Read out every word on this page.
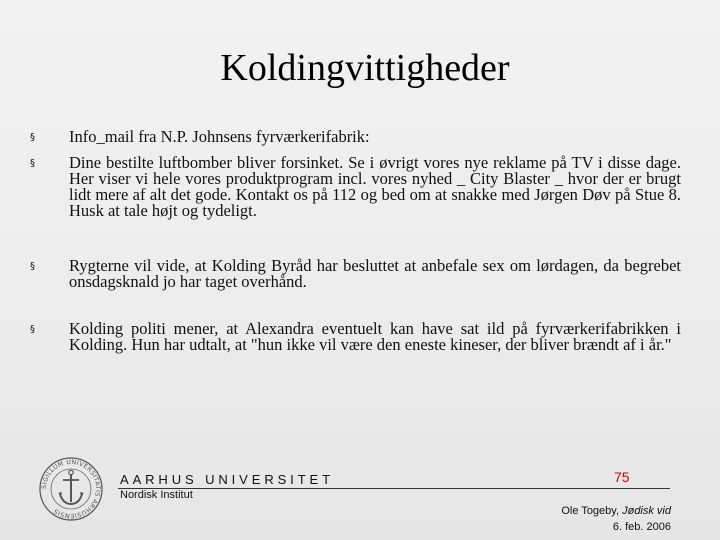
Koldingvittigheder
§	Info_mail fra N.P. Johnsens fyrværkerifabrik:
§	Dine bestilte luftbomber bliver forsinket. Se i øvrigt vores nye reklame på TV i disse dage. Her viser vi hele vores produktprogram incl. vores nyhed _ City Blaster _ hvor der er brugt lidt mere af alt det gode. Kontakt os på 112 og bed om at snakke med Jørgen Døv på Stue 8. Husk at tale højt og tydeligt.
§	Rygterne vil vide, at Kolding Byråd har besluttet at anbefale sex om lørdagen, da begrebet onsdagsknald jo har taget overhånd.
§	Kolding politi mener, at Alexandra eventuelt kan have sat ild på fyrværkerifabrikken i Kolding. Hun har udtalt, at "hun ikke vil være den eneste kineser, der bliver brændt af i år."
SIGILLUM UNIVERSITATIS ARHUSIENSIS
AARHUS UNIVERSITET
Nordisk Institut
75
Ole Togeby, Jødisk vid
6. feb. 2006
